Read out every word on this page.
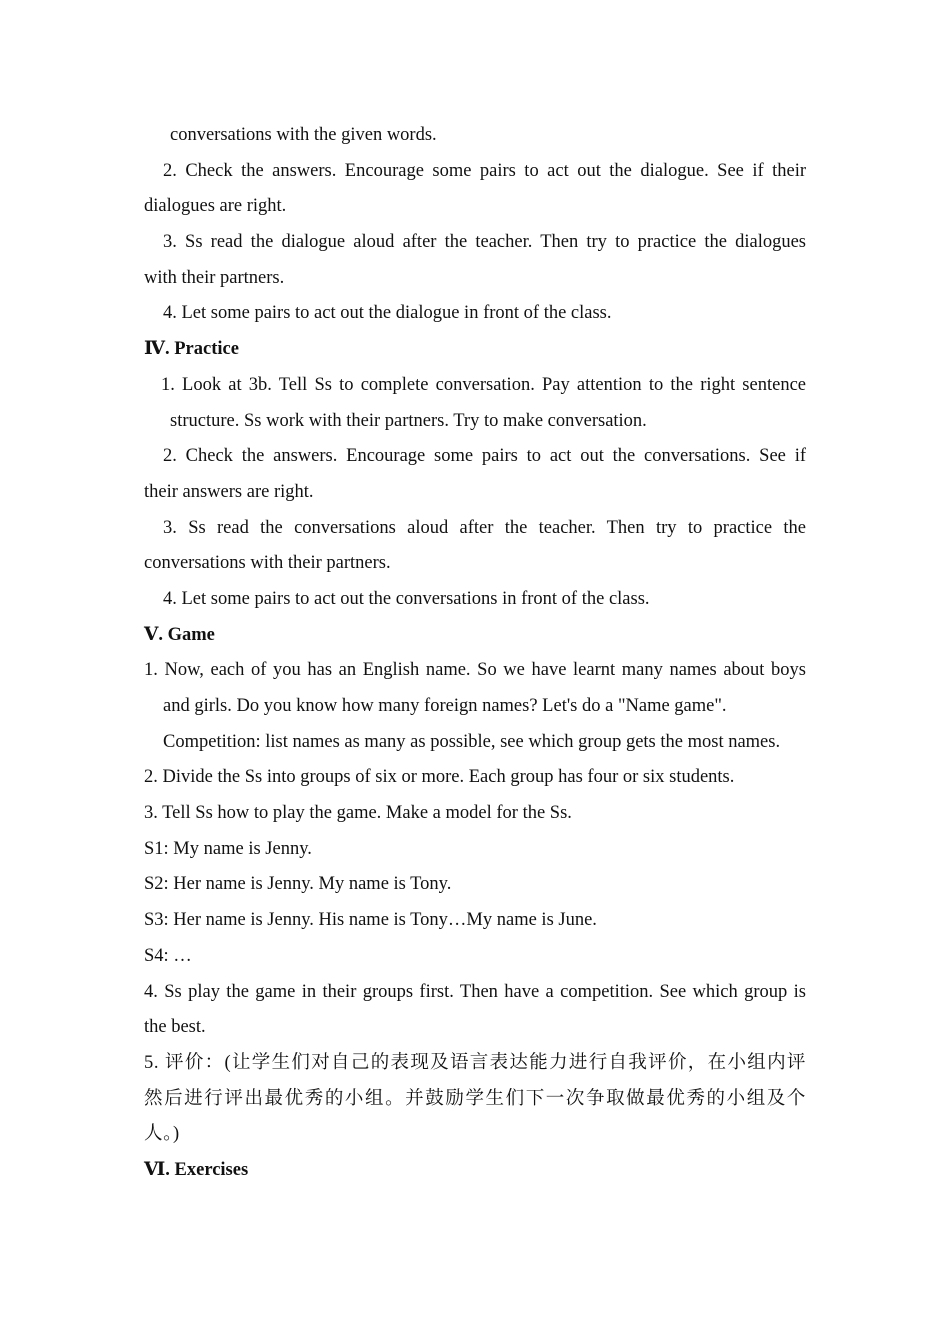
conversations with the given words.
2. Check the answers. Encourage some pairs to act out the dialogue. See if their
dialogues are right.
3. Ss read the dialogue aloud after the teacher. Then try to practice the dialogues
with their partners.
4. Let some pairs to act out the dialogue in front of the class.
Ⅳ. Practice
1. Look at 3b. Tell Ss to complete conversation. Pay attention to the right sentence
structure. Ss work with their partners. Try to make conversation.
2. Check the answers. Encourage some pairs to act out the conversations. See if
their answers are right.
3. Ss read the conversations aloud after the teacher. Then try to practice the
conversations with their partners.
4. Let some pairs to act out the conversations in front of the class.
Ⅴ. Game
1. Now, each of you has an English name. So we have learnt many names about boys
and girls. Do you know how many foreign names? Let's do a "Name game".
Competition: list names as many as possible, see which group gets the most names.
2. Divide the Ss into groups of six or more. Each group has four or six students.
3. Tell Ss how to play the game. Make a model for the Ss.
S1: My name is Jenny.
S2: Her name is Jenny. My name is Tony.
S3: Her name is Jenny. His name is Tony…My name is June.
S4: …
4. Ss play the game in their groups first. Then have a competition. See which group is
the best.
5. 评价：(让学生们对自己的表现及语言表达能力进行自我评价，在小组内评
然后进行评出最优秀的小组。并鼓励学生们下一次争取做最优秀的小组及个
人。)
Ⅵ. Exercises
